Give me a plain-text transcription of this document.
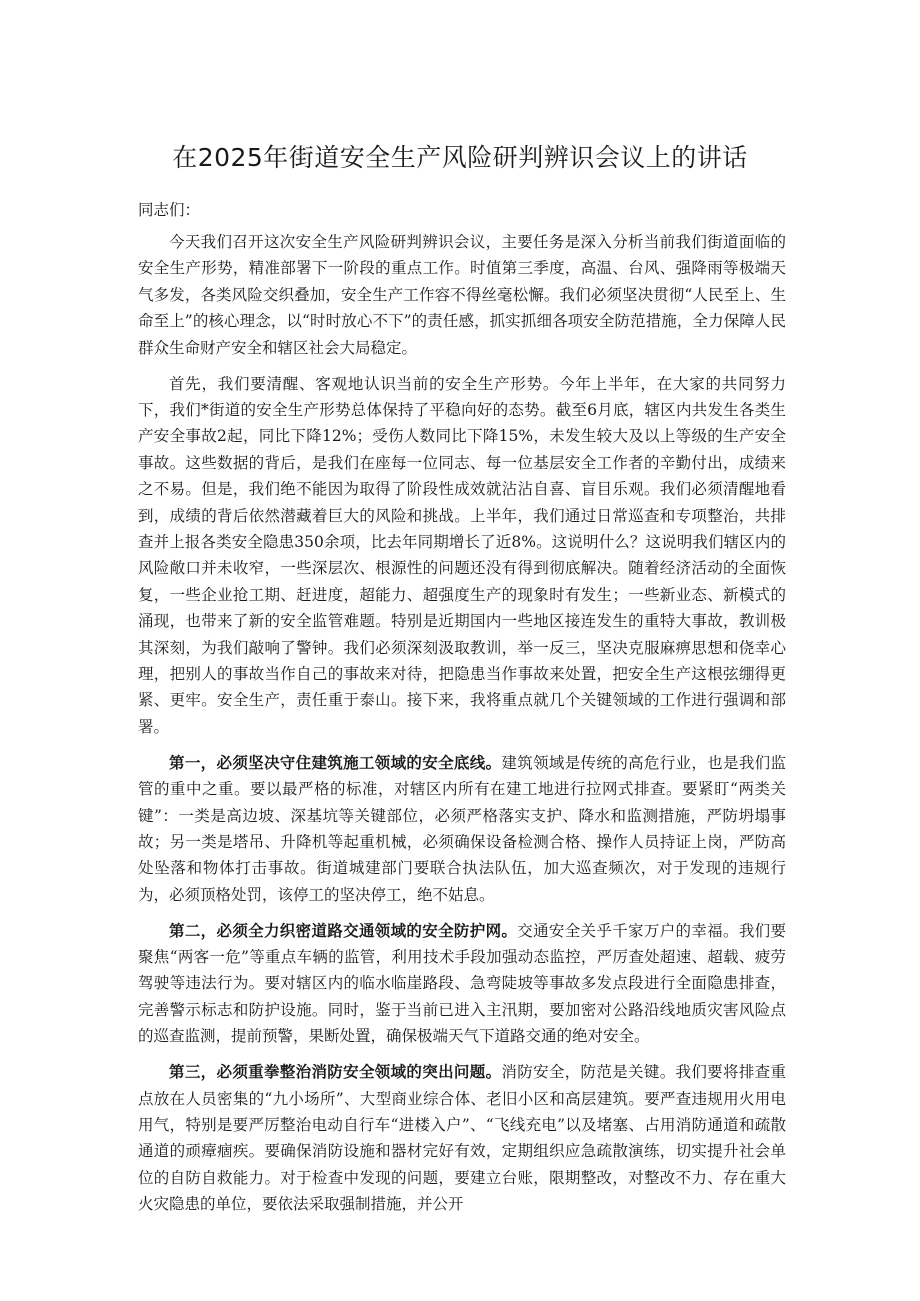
在2025年街道安全生产风险研判辨识会议上的讲话

同志们：

今天我们召开这次安全生产风险研判辨识会议，主要任务是深入分析当前我们街道面临的安全生产形势，精准部署下一阶段的重点工作。时值第三季度，高温、台风、强降雨等极端天气多发，各类风险交织叠加，安全生产工作容不得丝毫松懈。我们必须坚决贯彻“人民至上、生命至上”的核心理念，以“时时放心不下”的责任感，抓实抓细各项安全防范措施，全力保障人民群众生命财产安全和辖区社会大局稳定。

首先，我们要清醒、客观地认识当前的安全生产形势。今年上半年，在大家的共同努力下，我们*街道的安全生产形势总体保持了平稳向好的态势。截至6月底，辖区内共发生各类生产安全事故2起，同比下降12%；受伤人数同比下降15%，未发生较大及以上等级的生产安全事故。这些数据的背后，是我们在座每一位同志、每一位基层安全工作者的辛勤付出，成绩来之不易。但是，我们绝不能因为取得了阶段性成效就沾沾自喜、盲目乐观。我们必须清醒地看到，成绩的背后依然潜藏着巨大的风险和挑战。上半年，我们通过日常巡查和专项整治，共排查并上报各类安全隐患350余项，比去年同期增长了近8%。这说明什么？这说明我们辖区内的风险敞口并未收窄，一些深层次、根源性的问题还没有得到彻底解决。随着经济活动的全面恢复，一些企业抢工期、赶进度，超能力、超强度生产的现象时有发生；一些新业态、新模式的涌现，也带来了新的安全监管难题。特别是近期国内一些地区接连发生的重特大事故，教训极其深刻，为我们敲响了警钟。我们必须深刻汲取教训，举一反三，坚决克服麻痹思想和侥幸心理，把别人的事故当作自己的事故来对待，把隐患当作事故来处置，把安全生产这根弦绷得更紧、更牢。安全生产，责任重于泰山。接下来，我将重点就几个关键领域的工作进行强调和部署。

第一，必须坚决守住建筑施工领域的安全底线。建筑领域是传统的高危行业，也是我们监管的重中之重。要以最严格的标准，对辖区内所有在建工地进行拉网式排查。要紧盯“两类关键”：一类是高边坡、深基坑等关键部位，必须严格落实支护、降水和监测措施，严防坍塌事故；另一类是塔吊、升降机等起重机械，必须确保设备检测合格、操作人员持证上岗，严防高处坠落和物体打击事故。街道城建部门要联合执法队伍，加大巡查频次，对于发现的违规行为，必须顶格处罚，该停工的坚决停工，绝不姑息。

第二，必须全力织密道路交通领域的安全防护网。交通安全关乎千家万户的幸福。我们要聚焦“两客一危”等重点车辆的监管，利用技术手段加强动态监控，严厉查处超速、超载、疲劳驾驶等违法行为。要对辖区内的临水临崖路段、急弯陡坡等事故多发点段进行全面隐患排查，完善警示标志和防护设施。同时，鉴于当前已进入主汛期，要加密对公路沿线地质灾害风险点的巡查监测，提前预警，果断处置，确保极端天气下道路交通的绝对安全。

第三，必须重拳整治消防安全领域的突出问题。消防安全，防范是关键。我们要将排查重点放在人员密集的“九小场所”、大型商业综合体、老旧小区和高层建筑。要严查违规用火用电用气，特别是要严厉整治电动自行车“进楼入户”、“飞线充电”以及堵塞、占用消防通道和疏散通道的顽瘴痼疾。要确保消防设施和器材完好有效，定期组织应急疏散演练，切实提升社会单位的自防自救能力。对于检查中发现的问题，要建立台账，限期整改，对整改不力、存在重大火灾隐患的单位，要依法采取强制措施，并公开
